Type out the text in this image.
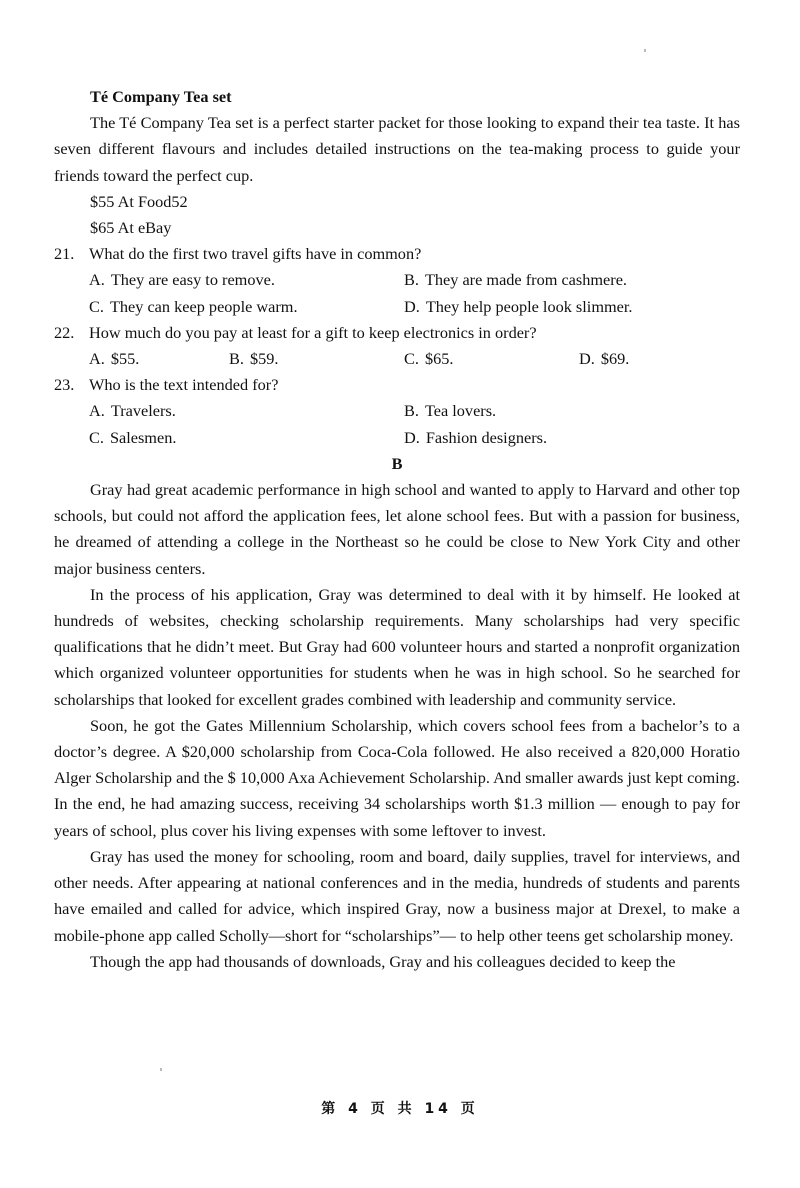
Té Company Tea set

The Té Company Tea set is a perfect starter packet for those looking to expand their tea taste. It has seven different flavours and includes detailed instructions on the tea-making process to guide your friends toward the perfect cup.

$55 At Food52
$65 At eBay
21. What do the first two travel gifts have in common?
A. They are easy to remove.	B. They are made from cashmere.
C. They can keep people warm.	D. They help people look slimmer.
22. How much do you pay at least for a gift to keep electronics in order?
A. $55.	B. $59.	C. $65.	D. $69.
23. Who is the text intended for?
A. Travelers.	B. Tea lovers.
C. Salesmen.	D. Fashion designers.
B

Gray had great academic performance in high school and wanted to apply to Harvard and other top schools, but could not afford the application fees, let alone school fees. But with a passion for business, he dreamed of attending a college in the Northeast so he could be close to New York City and other major business centers.

In the process of his application, Gray was determined to deal with it by himself. He looked at hundreds of websites, checking scholarship requirements. Many scholarships had very specific qualifications that he didn’t meet. But Gray had 600 volunteer hours and started a nonprofit organization which organized volunteer opportunities for students when he was in high school. So he searched for scholarships that looked for excellent grades combined with leadership and community service.

Soon, he got the Gates Millennium Scholarship, which covers school fees from a bachelor’s to a doctor’s degree. A $20,000 scholarship from Coca-Cola followed. He also received a 820,000 Horatio Alger Scholarship and the $ 10,000 Axa Achievement Scholarship. And smaller awards just kept coming. In the end, he had amazing success, receiving 34 scholarships worth $1.3 million — enough to pay for years of school, plus cover his living expenses with some leftover to invest.

Gray has used the money for schooling, room and board, daily supplies, travel for interviews, and other needs. After appearing at national conferences and in the media, hundreds of students and parents have emailed and called for advice, which inspired Gray, now a business major at Drexel, to make a mobile-phone app called Scholly—short for “scholarships”— to help other teens get scholarship money.

Though the app had thousands of downloads, Gray and his colleagues decided to keep the

第 4 页 共 14 页
